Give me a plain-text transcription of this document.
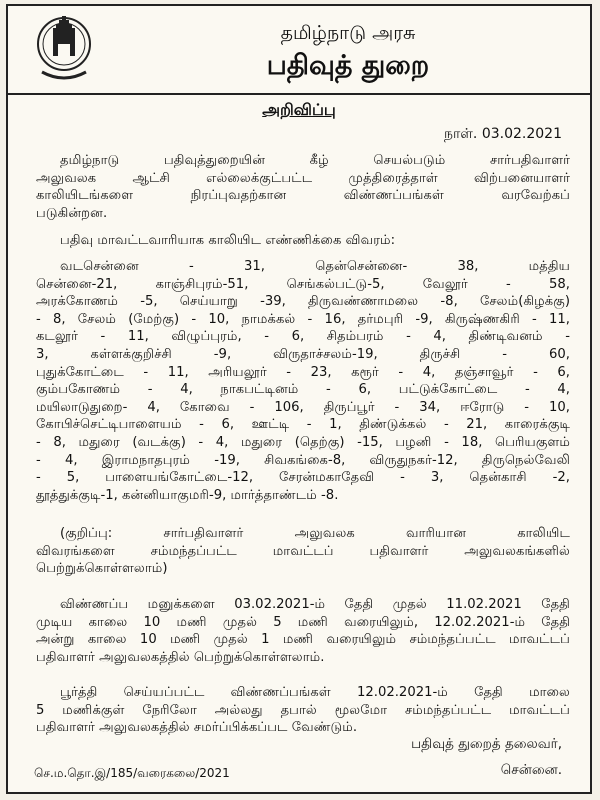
தமிழ்நாடு அரசு
பதிவுத் துறை
அறிவிப்பு
நாள். 03.02.2021
தமிழ்நாடு பதிவுத்துறையின் கீழ் செயல்படும் சார்பதிவாளர்
அலுவலக ஆட்சி எல்லைக்குட்பட்ட முத்திரைத்தாள் விற்பனையாளர்
காலியிடங்களை நிரப்புவதற்கான விண்ணப்பங்கள் வரவேற்கப்
படுகின்றன.
பதிவு மாவட்டவாரியாக காலியிட எண்ணிக்கை விவரம்:
வடசென்னை - 31, தென்சென்னை- 38, மத்திய
சென்னை-21, காஞ்சிபுரம்-51, செங்கல்பட்டு-5, வேலூர் - 58,
அரக்கோணம் -5, செய்யாறு -39, திருவண்ணாமலை -8, சேலம்(கிழக்கு)
- 8, சேலம் (மேற்கு) - 10, நாமக்கல் - 16, தர்மபுரி -9, கிருஷ்ணகிரி - 11,
கடலூர் - 11, விழுப்புரம், - 6, சிதம்பரம் - 4, திண்டிவனம் -
3, கள்ளக்குறிச்சி -9, விருதாச்சலம்-19, திருச்சி - 60,
புதுக்கோட்டை - 11, அரியலூர் - 23, கரூர் - 4, தஞ்சாவூர் - 6,
கும்பகோணம் - 4, நாகபட்டினம் - 6, பட்டுக்கோட்டை - 4,
மயிலாடுதுறை- 4, கோவை - 106, திருப்பூர் - 34, ஈரோடு - 10,
கோபிச்செட்டிபாளையம் - 6, ஊட்டி - 1, திண்டுக்கல் - 21, காரைக்குடி
- 8, மதுரை (வடக்கு) - 4, மதுரை (தெற்கு) -15, பழனி - 18, பெரியகுளம்
- 4, இராமநாதபுரம் -19, சிவகங்கை-8, விருதுநகர்-12, திருநெல்வேலி
- 5, பாளையங்கோட்டை-12, சேரன்மகாதேவி - 3, தென்காசி -2,
தூத்துக்குடி-1, கன்னியாகுமரி-9, மார்த்தாண்டம் -8.
(குறிப்பு: சார்பதிவாளர் அலுவலக வாரியான காலியிட
விவரங்களை சம்மந்தப்பட்ட மாவட்டப் பதிவாளர் அலுவலகங்களில்
பெற்றுக்கொள்ளலாம்)
விண்ணப்ப மனுக்களை 03.02.2021-ம் தேதி முதல் 11.02.2021 தேதி
முடிய காலை 10 மணி முதல் 5 மணி வரையிலும், 12.02.2021-ம் தேதி
அன்று காலை 10 மணி முதல் 1 மணி வரையிலும் சம்மந்தப்பட்ட மாவட்டப்
பதிவாளர் அலுவலகத்தில் பெற்றுக்கொள்ளலாம்.
பூர்த்தி செய்யப்பட்ட விண்ணப்பங்கள் 12.02.2021-ம் தேதி மாலை
5 மணிக்குள் நேரிலோ அல்லது தபால் மூலமோ சம்மந்தப்பட்ட மாவட்டப்
பதிவாளர் அலுவலகத்தில் சமர்ப்பிக்கப்பட வேண்டும்.
பதிவுத் துறைத் தலைவர்,
சென்னை.
செ.ம.தொ.இ/185/வரைகலை/2021
